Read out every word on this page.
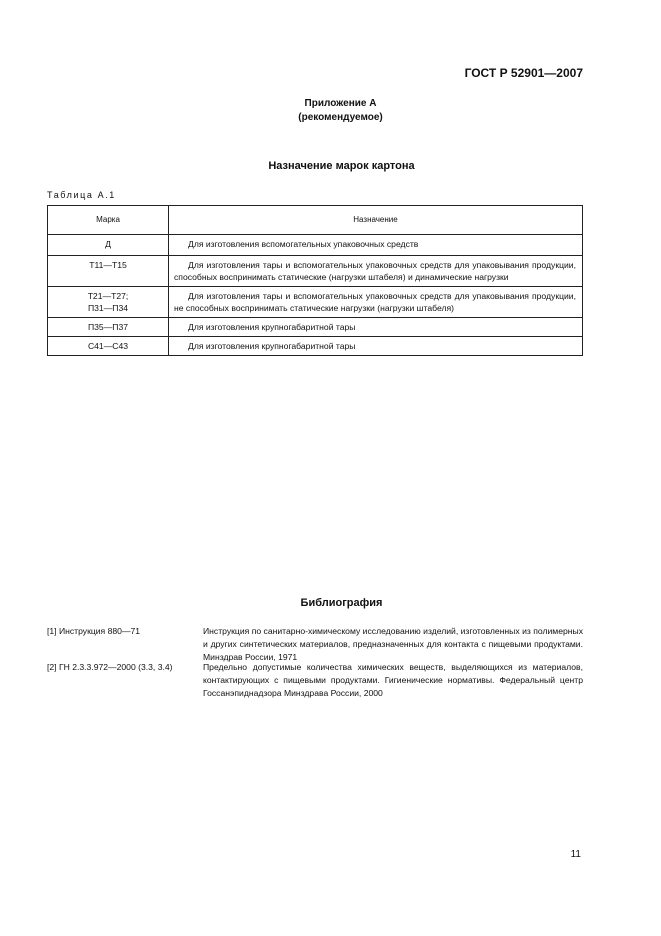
ГОСТ Р 52901—2007
Приложение А
(рекомендуемое)
Назначение марок картона
Таблица А.1
Марка	Назначение
Д	Для изготовления вспомогательных упаковочных средств
Т11—Т15	Для изготовления тары и вспомогательных упаковочных средств для упаковывания продукции, способных воспринимать статические (нагрузки штабеля) и динамические нагрузки

Т21—Т27;
П31—П34	Для изготовления тары и вспомогательных упаковочных средств для упаковывания продукции, не способных воспринимать статические нагрузки (нагрузки штабеля)
П35—П37	Для изготовления крупногабаритной тары
С41—С43	Для изготовления крупногабаритной тары
Библиография
[1] Инструкция 880—71	Инструкция по санитарно-химическому исследованию изделий, изготовленных из полимерных и других синтетических материалов, предназначенных для контакта с пищевыми продуктами. Минздрав России, 1971
[2] ГН 2.3.3.972—2000 (3.3, 3.4)	Предельно допустимые количества химических веществ, выделяющихся из материалов, контактирующих с пищевыми продуктами. Гигиенические нормативы. Федеральный центр Госсанэпиднадзора Минздрава России, 2000
11
